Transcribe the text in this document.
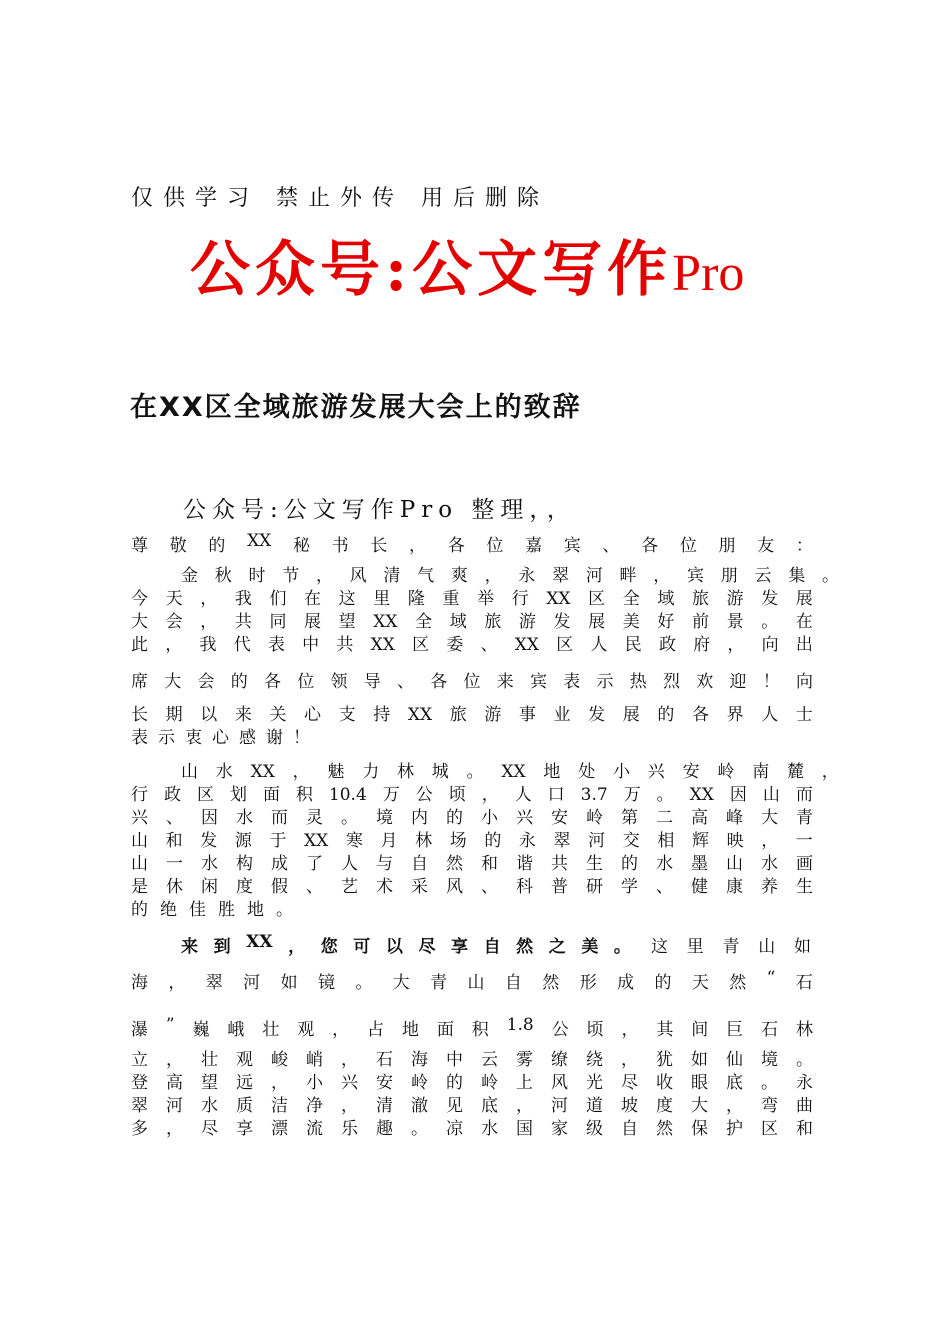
仅供学习 禁止外传 用后删除
公众号:公文写作Pro
在XX区全域旅游发展大会上的致辞
公众号:公文写作Pro 整理，，
尊 敬 的 XX 秘 书 长 ， 各 位 嘉 宾 、 各 位 朋 友 ：
金 秋 时 节 ， 风 清 气 爽 ， 永 翠 河 畔 ， 宾 朋 云 集 。
今 天 ， 我 们 在 这 里 隆 重 举 行 XX 区 全 域 旅 游 发 展
大 会 ， 共 同 展 望 XX 全 域 旅 游 发 展 美 好 前 景 。 在
此 ， 我 代 表 中 共 XX 区 委 、 XX 区 人 民 政 府 ， 向 出
席 大 会 的 各 位 领 导 、 各 位 来 宾 表 示 热 烈 欢 迎 ！ 向
长 期 以 来 关 心 支 持 XX 旅 游 事 业 发 展 的 各 界 人 士
表示衷心感谢！
山 水 XX ， 魅 力 林 城 。 XX 地 处 小 兴 安 岭 南 麓 ，
行 政 区 划 面 积 10.4 万 公 顷 ， 人 口 3.7 万 。 XX 因 山 而
兴 、 因 水 而 灵 。 境 内 的 小 兴 安 岭 第 二 高 峰 大 青
山 和 发 源 于 XX 寒 月 林 场 的 永 翠 河 交 相 辉 映 ， 一
山 一 水 构 成 了 人 与 自 然 和 谐 共 生 的 水 墨 山 水 画
是 休 闲 度 假 、 艺 术 采 风 、 科 普 研 学 、 健 康 养 生
的绝佳胜地。
来 到 XX ， 您 可 以 尽 享 自 然 之 美 。 这 里 青 山 如
海 ， 翠 河 如 镜 。 大 青 山 自 然 形 成 的 天 然 “ 石
瀑 ” 巍 峨 壮 观 ， 占 地 面 积 1.8 公 顷 ， 其 间 巨 石 林
立 ， 壮 观 峻 峭 ， 石 海 中 云 雾 缭 绕 ， 犹 如 仙 境 。
登 高 望 远 ， 小 兴 安 岭 的 岭 上 风 光 尽 收 眼 底 。 永
翠 河 水 质 洁 净 ， 清 澈 见 底 ， 河 道 坡 度 大 ， 弯 曲
多 ， 尽 享 漂 流 乐 趣 。 凉 水 国 家 级 自 然 保 护 区 和
